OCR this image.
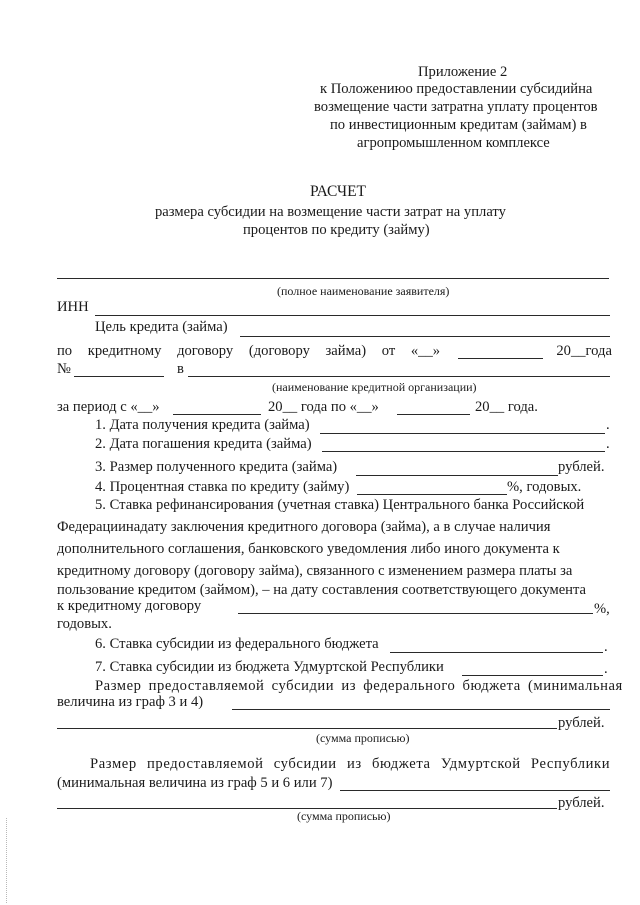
Приложение 2
к Положениюо предоставлении субсидийна
возмещение части затратна уплату процентов
по инвестиционным кредитам (займам) в
агропромышленном комплексе
РАСЧЕТ
размера субсидии на возмещение части затрат на уплату
процентов по кредиту (займу)
(полное наименование заявителя)
ИНН
Цель кредита (займа)
по кредитному договору (договору займа) от «__»	20__года
№	в
(наименование кредитной организации)
за период с «__»	20__ года по «__»	20__ года.
1. Дата получения кредита (займа)	.
2. Дата погашения кредита (займа)	.
3. Размер полученного кредита (займа)	рублей.
4. Процентная ставка по кредиту (займу)	%, годовых.
5. Ставка рефинансирования (учетная ставка) Центрального банка Российской
Федерациинадату заключения кредитного договора (займа), а в случае наличия
дополнительного соглашения, банковского уведомления либо иного документа к
кредитному договору (договору займа), связанного с изменением размера платы за
пользование кредитом (займом), – на дату составления соответствующего документа
к кредитному договору	%,
годовых.
6. Ставка субсидии из федерального бюджета	.
7. Ставка субсидии из бюджета Удмуртской Республики	.
Размер предоставляемой субсидии из федерального бюджета (минимальная
величина из граф 3 и 4)
рублей.
(сумма прописью)
Размер предоставляемой субсидии из бюджета Удмуртской Республики
(минимальная величина из граф 5 и 6 или 7)
рублей.
(сумма прописью)
